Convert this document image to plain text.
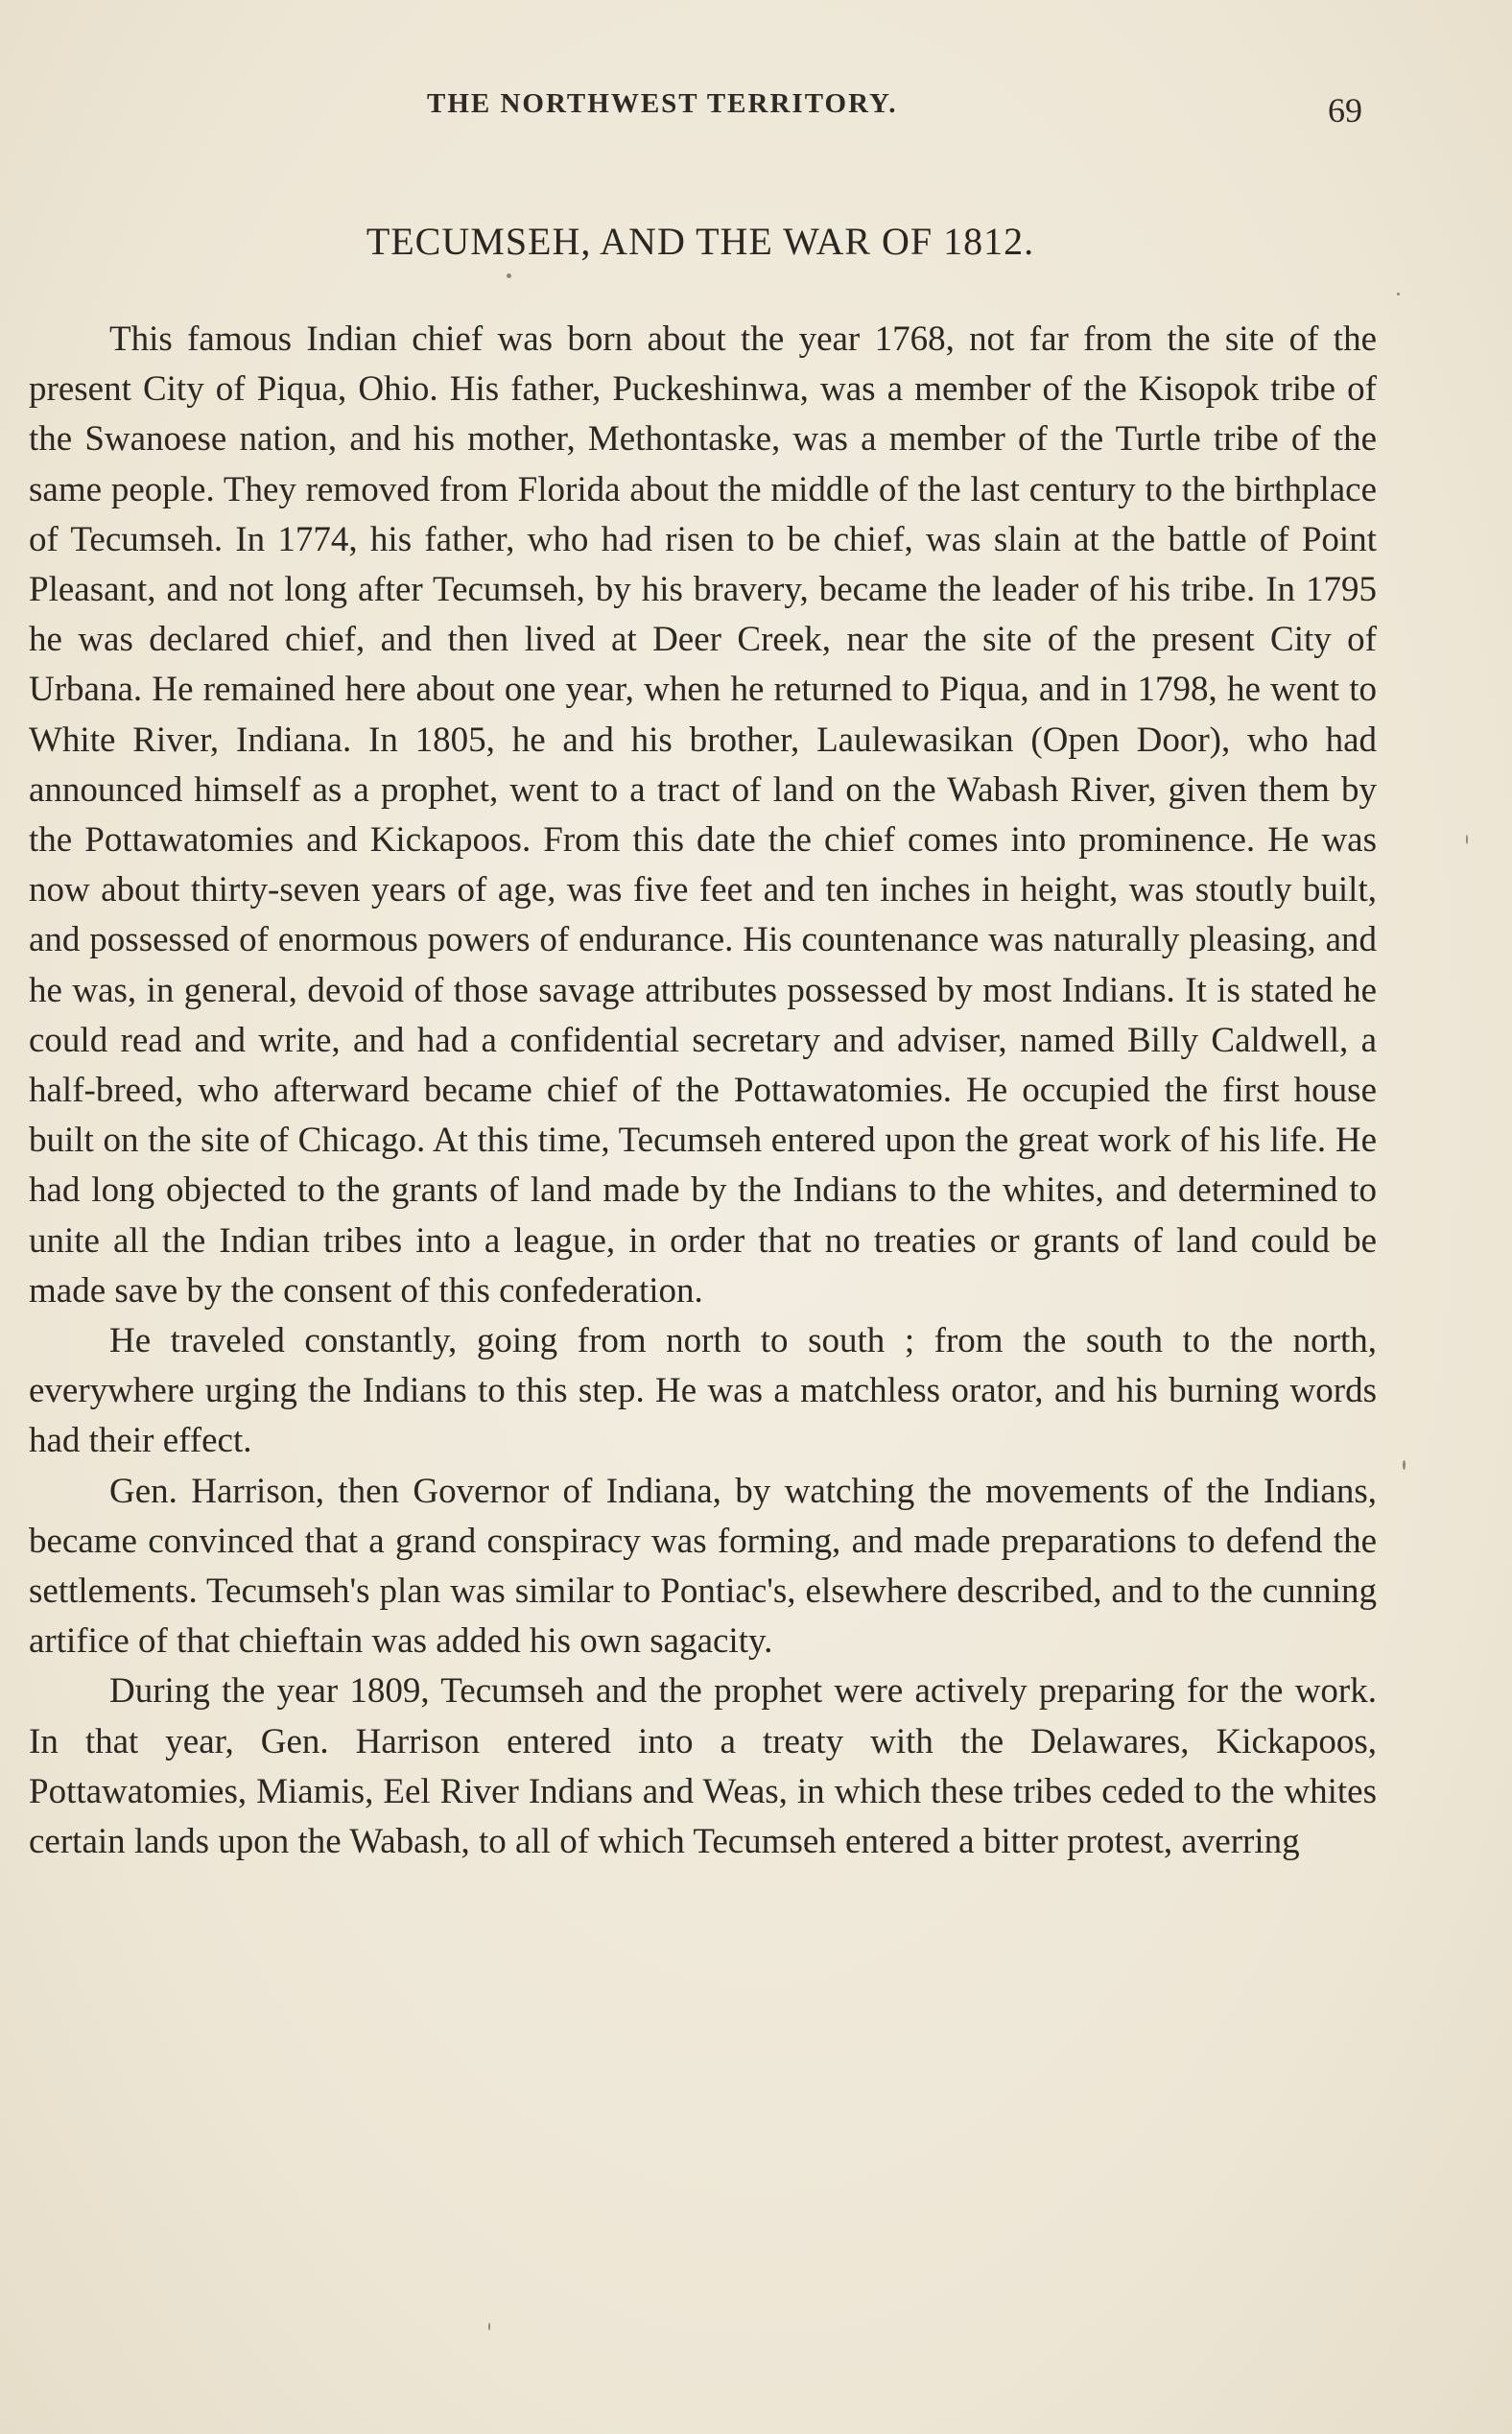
THE NORTHWEST TERRITORY.	69
TECUMSEH, AND THE WAR OF 1812.

This famous Indian chief was born about the year 1768, not far from the site of the present City of Piqua, Ohio. His father, Puckeshinwa, was a member of the Kisopok tribe of the Swanoese nation, and his mother, Methontaske, was a member of the Turtle tribe of the same people. They removed from Florida about the middle of the last century to the birthplace of Tecumseh. In 1774, his father, who had risen to be chief, was slain at the battle of Point Pleasant, and not long after Tecumseh, by his bravery, became the leader of his tribe. In 1795 he was declared chief, and then lived at Deer Creek, near the site of the present City of Urbana. He remained here about one year, when he returned to Piqua, and in 1798, he went to White River, Indiana. In 1805, he and his brother, Laulewasikan (Open Door), who had announced himself as a prophet, went to a tract of land on the Wabash River, given them by the Pottawatomies and Kickapoos. From this date the chief comes into prominence. He was now about thirty-seven years of age, was five feet and ten inches in height, was stoutly built, and possessed of enormous powers of endurance. His countenance was naturally pleasing, and he was, in general, devoid of those savage attributes possessed by most Indians. It is stated he could read and write, and had a confidential secretary and adviser, named Billy Caldwell, a half-breed, who afterward became chief of the Pottawatomies. He occupied the first house built on the site of Chicago. At this time, Tecumseh entered upon the great work of his life. He had long objected to the grants of land made by the Indians to the whites, and determined to unite all the Indian tribes into a league, in order that no treaties or grants of land could be made save by the consent of this confederation.

He traveled constantly, going from north to south ; from the south to the north, everywhere urging the Indians to this step. He was a matchless orator, and his burning words had their effect.

Gen. Harrison, then Governor of Indiana, by watching the movements of the Indians, became convinced that a grand conspiracy was forming, and made preparations to defend the settlements. Tecumseh's plan was similar to Pontiac's, elsewhere described, and to the cunning artifice of that chieftain was added his own sagacity.

During the year 1809, Tecumseh and the prophet were actively preparing for the work. In that year, Gen. Harrison entered into a treaty with the Delawares, Kickapoos, Pottawatomies, Miamis, Eel River Indians and Weas, in which these tribes ceded to the whites certain lands upon the Wabash, to all of which Tecumseh entered a bitter protest, averring
